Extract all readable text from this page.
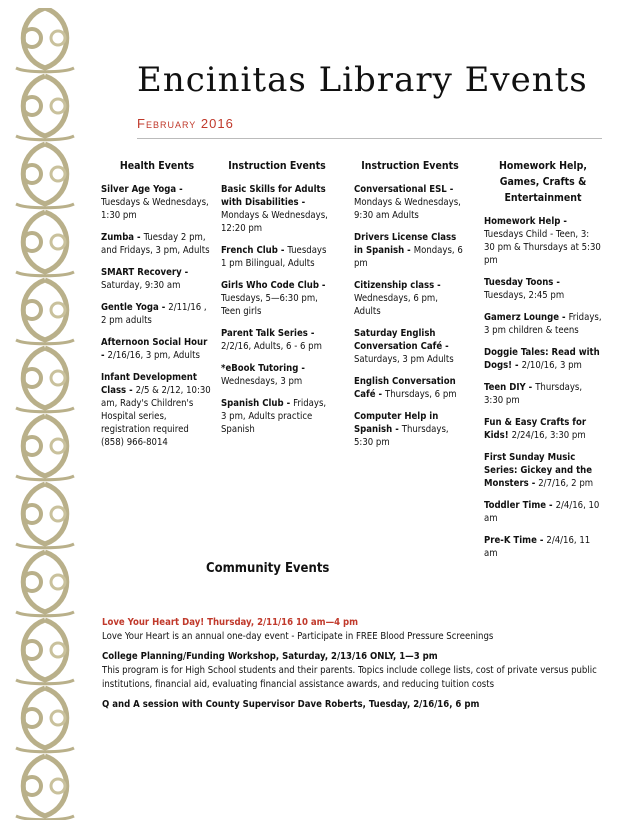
Encinitas Library Events
February 2016
Health Events
Silver Age Yoga - Tuesdays & Wednesdays, 1:30 pm
Zumba - Tuesday 2 pm, and Fridays, 3 pm, Adults
SMART Recovery - Saturday, 9:30 am
Gentle Yoga - 2/11/16 , 2 pm adults
Afternoon Social Hour - 2/16/16, 3 pm, Adults
Infant Development Class - 2/5 & 2/12, 10:30 am, Rady's Children's Hospital series, registration required (858) 966-8014
Instruction Events
Basic Skills for Adults with Disabilities - Mondays & Wednesdays, 12:20 pm
French Club - Tuesdays 1 pm Bilingual, Adults
Girls Who Code Club - Tuesdays, 5—6:30 pm, Teen girls
Parent Talk Series - 2/2/16, Adults, 6 - 6 pm
*eBook Tutoring - Wednesdays, 3 pm
Spanish Club - Fridays, 3 pm, Adults practice Spanish
Instruction Events
Conversational ESL - Mondays & Wednesdays, 9:30 am Adults
Drivers License Class in Spanish - Mondays, 6 pm
Citizenship class - Wednesdays, 6 pm, Adults
Saturday English Conversation Café - Saturdays, 3 pm Adults
English Conversation Café - Thursdays, 6 pm
Computer Help in Spanish - Thursdays, 5:30 pm
Homework Help, Games, Crafts & Entertainment
Homework Help - Tuesdays Child - Teen, 3: 30 pm & Thursdays at 5:30 pm
Tuesday Toons - Tuesdays, 2:45 pm
Gamerz Lounge - Fridays, 3 pm children & teens
Doggie Tales: Read with Dogs! - 2/10/16, 3 pm
Teen DIY - Thursdays, 3:30 pm
Fun & Easy Crafts for Kids! 2/24/16, 3:30 pm
First Sunday Music Series: Gickey and the Monsters - 2/7/16, 2 pm
Toddler Time - 2/4/16, 10 am
Pre-K Time - 2/4/16, 11 am
Community Events
Love Your Heart Day! Thursday, 2/11/16 10 am—4 pm
Love Your Heart is an annual one-day event - Participate in FREE Blood Pressure Screenings
College Planning/Funding Workshop, Saturday, 2/13/16 ONLY, 1—3 pm
This program is for High School students and their parents. Topics include college lists, cost of private versus public institutions, financial aid, evaluating financial assistance awards, and reducing tuition costs
Q and A session with County Supervisor Dave Roberts, Tuesday, 2/16/16, 6 pm
